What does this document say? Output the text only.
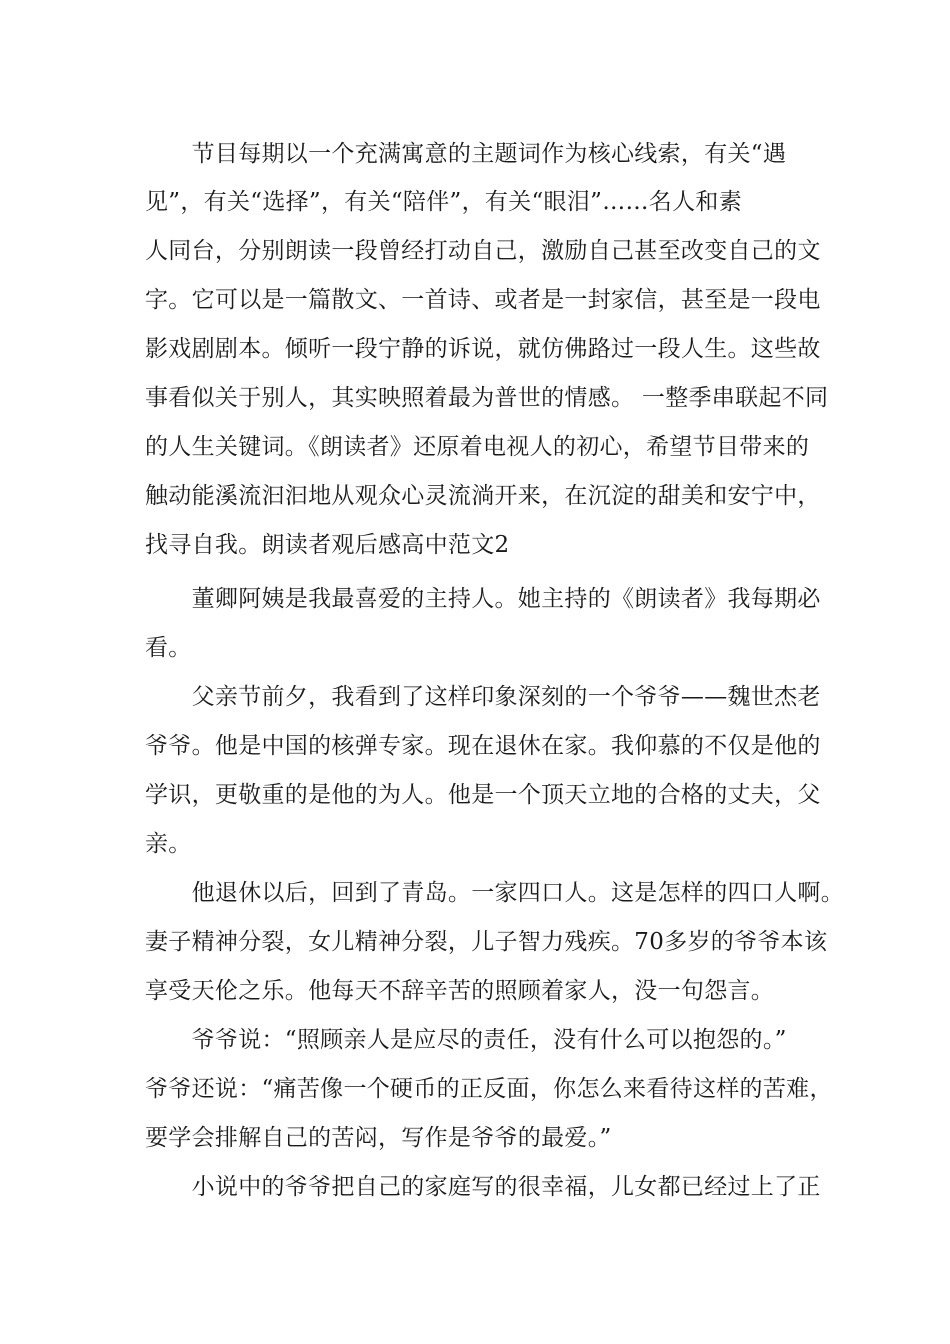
　　节目每期以一个充满寓意的主题词作为核心线索，有关“遇
见”，有关“选择”，有关“陪伴”，有关“眼泪”……名人和素
人同台，分别朗读一段曾经打动自己，激励自己甚至改变自己的文
字。它可以是一篇散文、一首诗、或者是一封家信，甚至是一段电
影戏剧剧本。倾听一段宁静的诉说，就仿佛路过一段人生。这些故
事看似关于别人，其实映照着最为普世的情感。 一整季串联起不同
的人生关键词。《朗读者》还原着电视人的初心，希望节目带来的
触动能溪流汩汩地从观众心灵流淌开来，在沉淀的甜美和安宁中，
找寻自我。朗读者观后感高中范文2
　　董卿阿姨是我最喜爱的主持人。她主持的《朗读者》我每期必
看。
　　父亲节前夕，我看到了这样印象深刻的一个爷爷——魏世杰老
爷爷。他是中国的核弹专家。现在退休在家。我仰慕的不仅是他的
学识，更敬重的是他的为人。他是一个顶天立地的合格的丈夫，父
亲。
　　他退休以后，回到了青岛。一家四口人。这是怎样的四口人啊。
妻子精神分裂，女儿精神分裂，儿子智力残疾。70多岁的爷爷本该
享受天伦之乐。他每天不辞辛苦的照顾着家人，没一句怨言。
　　爷爷说：“照顾亲人是应尽的责任，没有什么可以抱怨的。”
爷爷还说：“痛苦像一个硬币的正反面，你怎么来看待这样的苦难，
要学会排解自己的苦闷，写作是爷爷的最爱。”
　　小说中的爷爷把自己的家庭写的很幸福，儿女都已经过上了正
